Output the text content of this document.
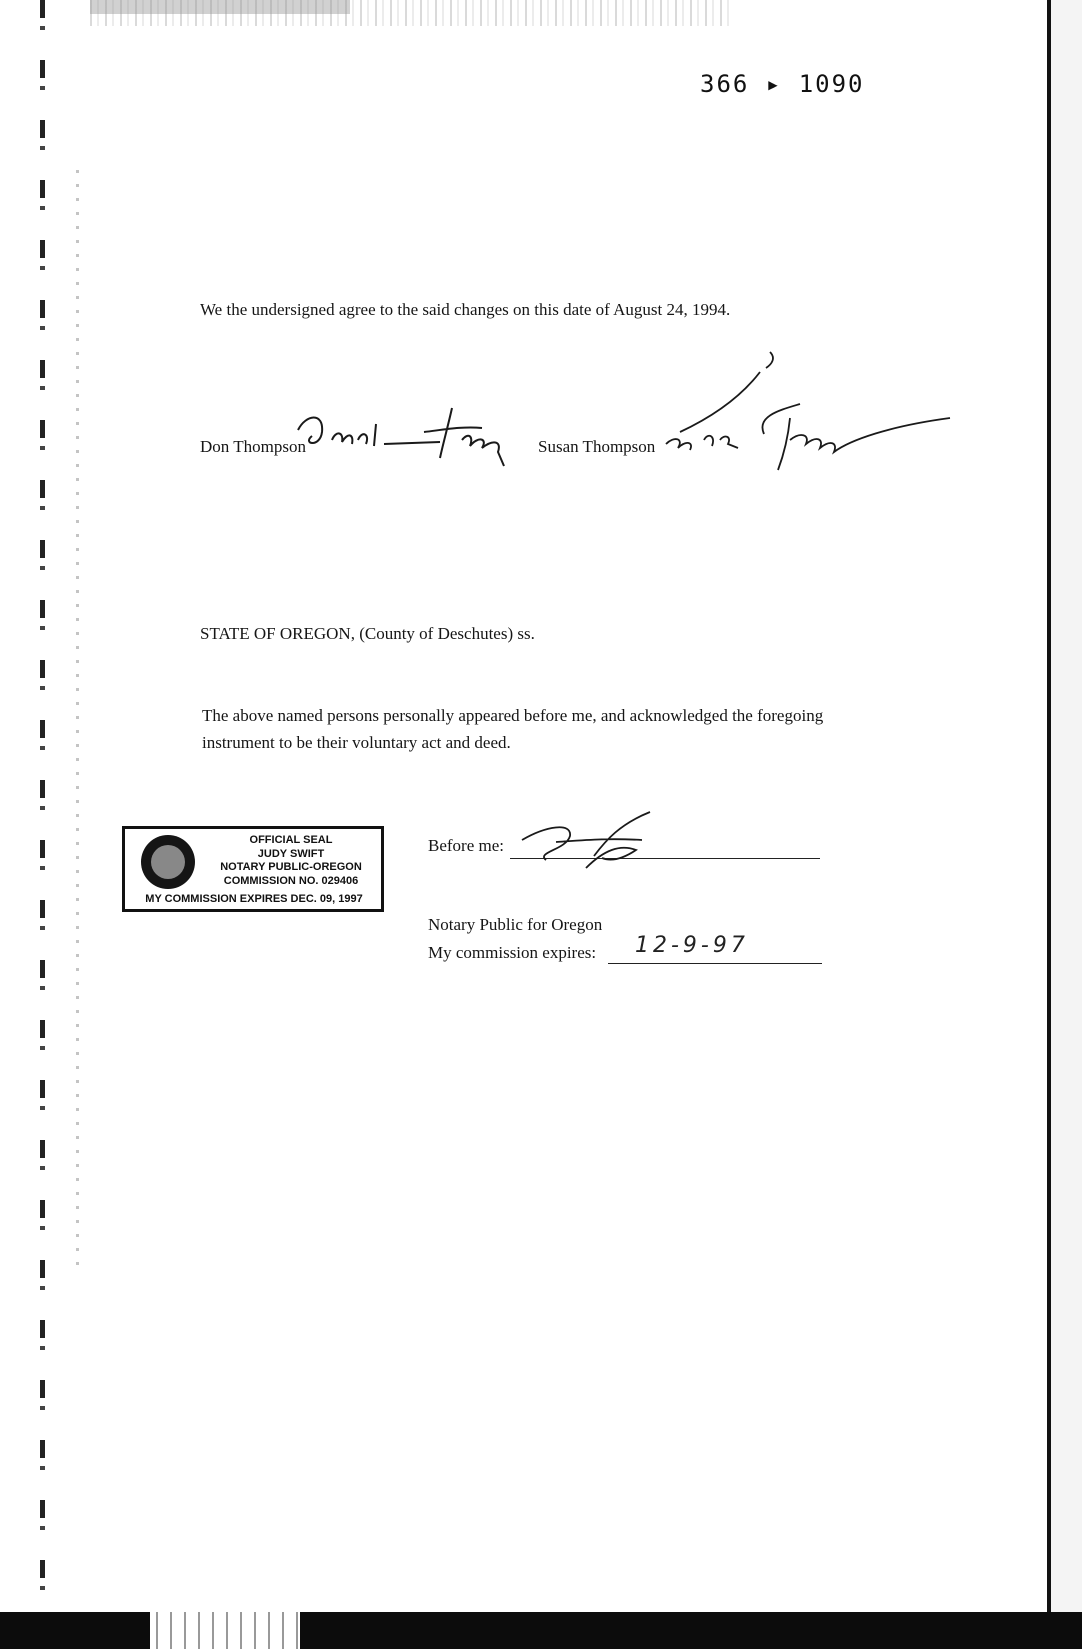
366 ▸ 1090
We the undersigned agree to the said changes on this date of August 24, 1994.
Don Thompson	Susan Thompson
STATE OF OREGON, (County of Deschutes) ss.
The above named persons personally appeared before me, and acknowledged the foregoing instrument to be their voluntary act and deed.
OFFICIAL SEAL
JUDY SWIFT
NOTARY PUBLIC-OREGON
COMMISSION NO. 029406
MY COMMISSION EXPIRES DEC. 09, 1997
Before me:
Notary Public for Oregon
My commission expires: 12-9-97
